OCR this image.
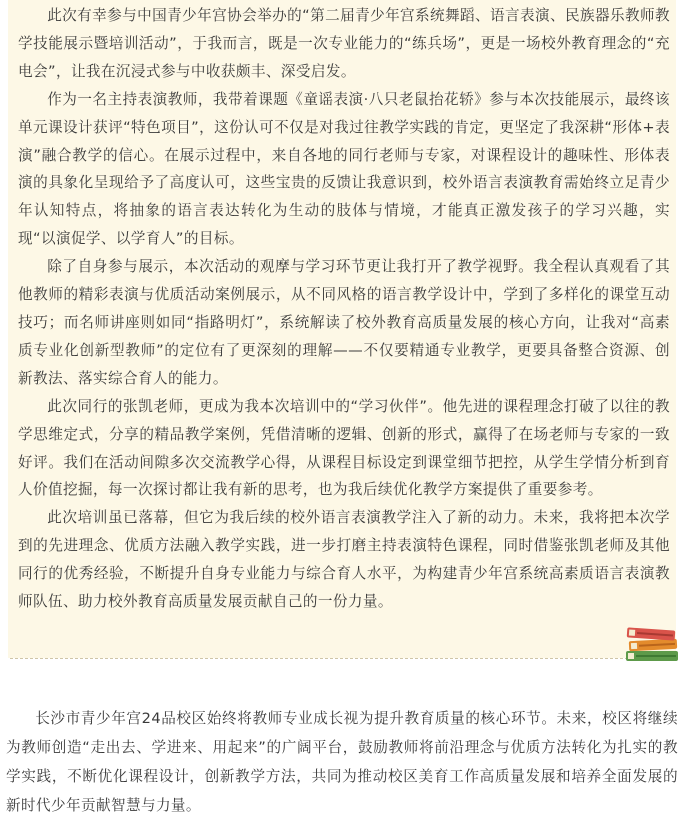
此次有幸参与中国青少年宫协会举办的“第二届青少年宫系统舞蹈、语言表演、民族器乐教师教学技能展示暨培训活动”，于我而言，既是一次专业能力的“练兵场”，更是一场校外教育理念的“充电会”，让我在沉浸式参与中收获颇丰、深受启发。

作为一名主持表演教师，我带着课题《童谣表演·八只老鼠抬花轿》参与本次技能展示，最终该单元课设计获评“特色项目”，这份认可不仅是对我过往教学实践的肯定，更坚定了我深耕“形体+表演”融合教学的信心。在展示过程中，来自各地的同行老师与专家，对课程设计的趣味性、形体表演的具象化呈现给予了高度认可，这些宝贵的反馈让我意识到，校外语言表演教育需始终立足青少年认知特点，将抽象的语言表达转化为生动的肢体与情境，才能真正激发孩子的学习兴趣，实现“以演促学、以学育人”的目标。

除了自身参与展示，本次活动的观摩与学习环节更让我打开了教学视野。我全程认真观看了其他教师的精彩表演与优质活动案例展示，从不同风格的语言教学设计中，学到了多样化的课堂互动技巧；而名师讲座则如同“指路明灯”，系统解读了校外教育高质量发展的核心方向，让我对“高素质专业化创新型教师”的定位有了更深刻的理解——不仅要精通专业教学，更要具备整合资源、创新教法、落实综合育人的能力。

此次同行的张凯老师，更成为我本次培训中的“学习伙伴”。他先进的课程理念打破了以往的教学思维定式，分享的精品教学案例，凭借清晰的逻辑、创新的形式，赢得了在场老师与专家的一致好评。我们在活动间隙多次交流教学心得，从课程目标设定到课堂细节把控，从学生学情分析到育人价值挖掘，每一次探讨都让我有新的思考，也为我后续优化教学方案提供了重要参考。

此次培训虽已落幕，但它为我后续的校外语言表演教学注入了新的动力。未来，我将把本次学到的先进理念、优质方法融入教学实践，进一步打磨主持表演特色课程，同时借鉴张凯老师及其他同行的优秀经验，不断提升自身专业能力与综合育人水平，为构建青少年宫系统高素质语言表演教师队伍、助力校外教育高质量发展贡献自己的一份力量。

长沙市青少年宫24品校区始终将教师专业成长视为提升教育质量的核心环节。未来，校区将继续为教师创造“走出去、学进来、用起来”的广阔平台，鼓励教师将前沿理念与优质方法转化为扎实的教学实践，不断优化课程设计，创新教学方法，共同为推动校区美育工作高质量发展和培养全面发展的新时代少年贡献智慧与力量。
